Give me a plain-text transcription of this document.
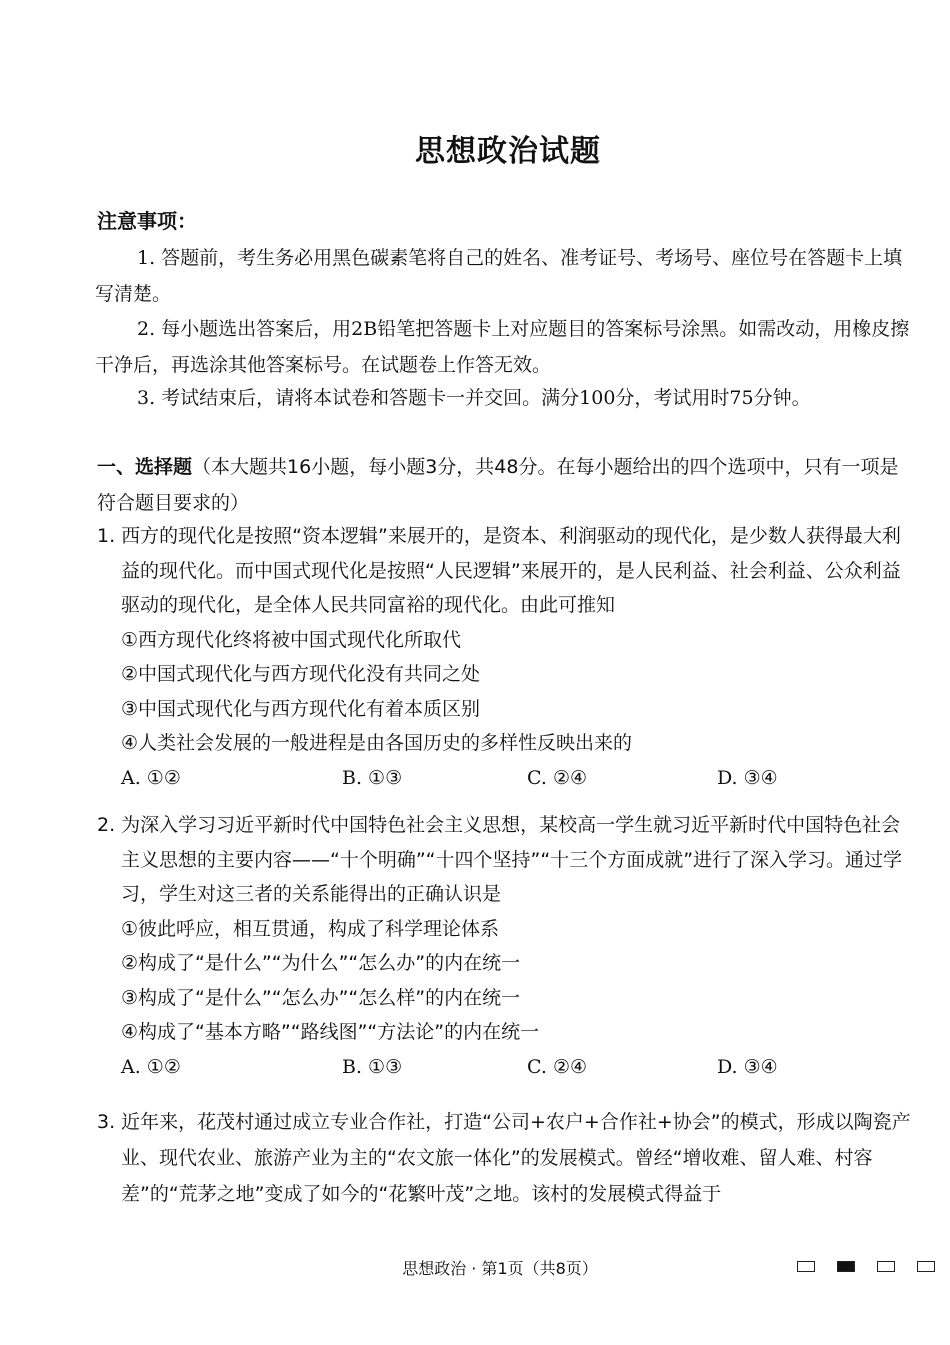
思想政治试题
注意事项：
1. 答题前，考生务必用黑色碳素笔将自己的姓名、准考证号、考场号、座位号在答题卡上填写清楚。
2. 每小题选出答案后，用2B铅笔把答题卡上对应题目的答案标号涂黑。如需改动，用橡皮擦干净后，再选涂其他答案标号。在试题卷上作答无效。
3. 考试结束后，请将本试卷和答题卡一并交回。满分100分，考试用时75分钟。
一、选择题（本大题共16小题，每小题3分，共48分。在每小题给出的四个选项中，只有一项是符合题目要求的）
1. 西方的现代化是按照“资本逻辑”来展开的，是资本、利润驱动的现代化，是少数人获得最大利益的现代化。而中国式现代化是按照“人民逻辑”来展开的，是人民利益、社会利益、公众利益驱动的现代化，是全体人民共同富裕的现代化。由此可推知
①西方现代化终将被中国式现代化所取代
②中国式现代化与西方现代化没有共同之处
③中国式现代化与西方现代化有着本质区别
④人类社会发展的一般进程是由各国历史的多样性反映出来的
A. ①②	B. ①③	C. ②④	D. ③④
2. 为深入学习习近平新时代中国特色社会主义思想，某校高一学生就习近平新时代中国特色社会主义思想的主要内容——“十个明确”“十四个坚持”“十三个方面成就”进行了深入学习。通过学习，学生对这三者的关系能得出的正确认识是
①彼此呼应，相互贯通，构成了科学理论体系
②构成了“是什么”“为什么”“怎么办”的内在统一
③构成了“是什么”“怎么办”“怎么样”的内在统一
④构成了“基本方略”“路线图”“方法论”的内在统一
A. ①②	B. ①③	C. ②④	D. ③④
3. 近年来，花茂村通过成立专业合作社，打造“公司+农户+合作社+协会”的模式，形成以陶瓷产业、现代农业、旅游产业为主的“农文旅一体化”的发展模式。曾经“增收难、留人难、村容差”的“荒茅之地”变成了如今的“花繁叶茂”之地。该村的发展模式得益于
思想政治 · 第1页（共8页）
